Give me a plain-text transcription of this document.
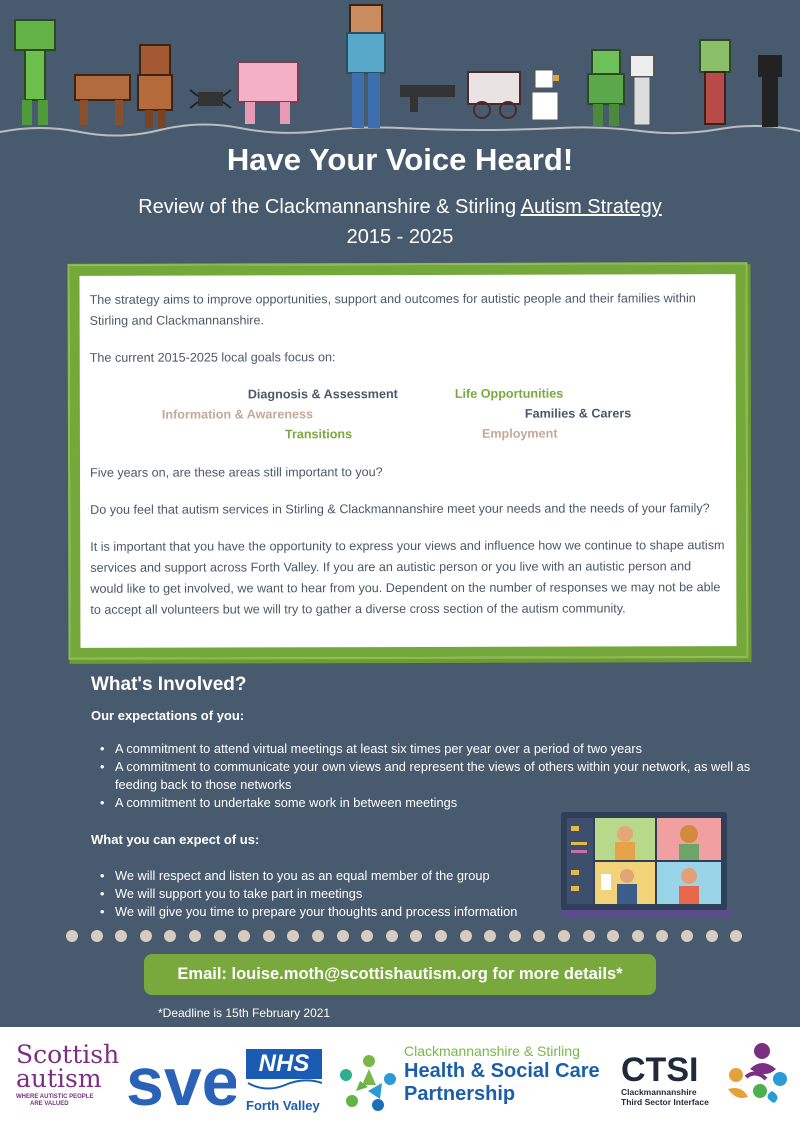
Have Your Voice Heard!
Review of the Clackmannanshire & Stirling Autism Strategy
2015 - 2025

The strategy aims to improve opportunities, support and outcomes for autistic people and their families within Stirling and Clackmannanshire.

The current 2015-2025 local goals focus on:

Diagnosis & Assessment	Life Opportunities
Information & Awareness	Families & Carers
Transitions	Employment

Five years on, are these areas still important to you?

Do you feel that autism services in Stirling & Clackmannanshire meet your needs and the needs of your family?

It is important that you have the opportunity to express your views and influence how we continue to shape autism services and support across Forth Valley. If you are an autistic person or you live with an autistic person and would like to get involved, we want to hear from you. Dependent on the number of responses we may not be able to accept all volunteers but we will try to gather a diverse cross section of the autism community.

What's Involved?
Our expectations of you:
• A commitment to attend virtual meetings at least six times per year over a period of two years
• A commitment to communicate your own views and represent the views of others within your network, as well as feeding back to those networks
• A commitment to undertake some work in between meetings
What you can expect of us:
• We will respect and listen to you as an equal member of the group
• We will support you to take part in meetings
• We will give you time to prepare your thoughts and process information
Email: louise.moth@scottishautism.org for more details*
*Deadline is 15th February 2021
Scottish
autism
WHERE AUTISTIC PEOPLE
ARE VALUED sve NHS
Forth Valley
Clackmannanshire & Stirling
Health & Social Care
Partnership
CTSI
Clackmannanshire
Third Sector Interface
